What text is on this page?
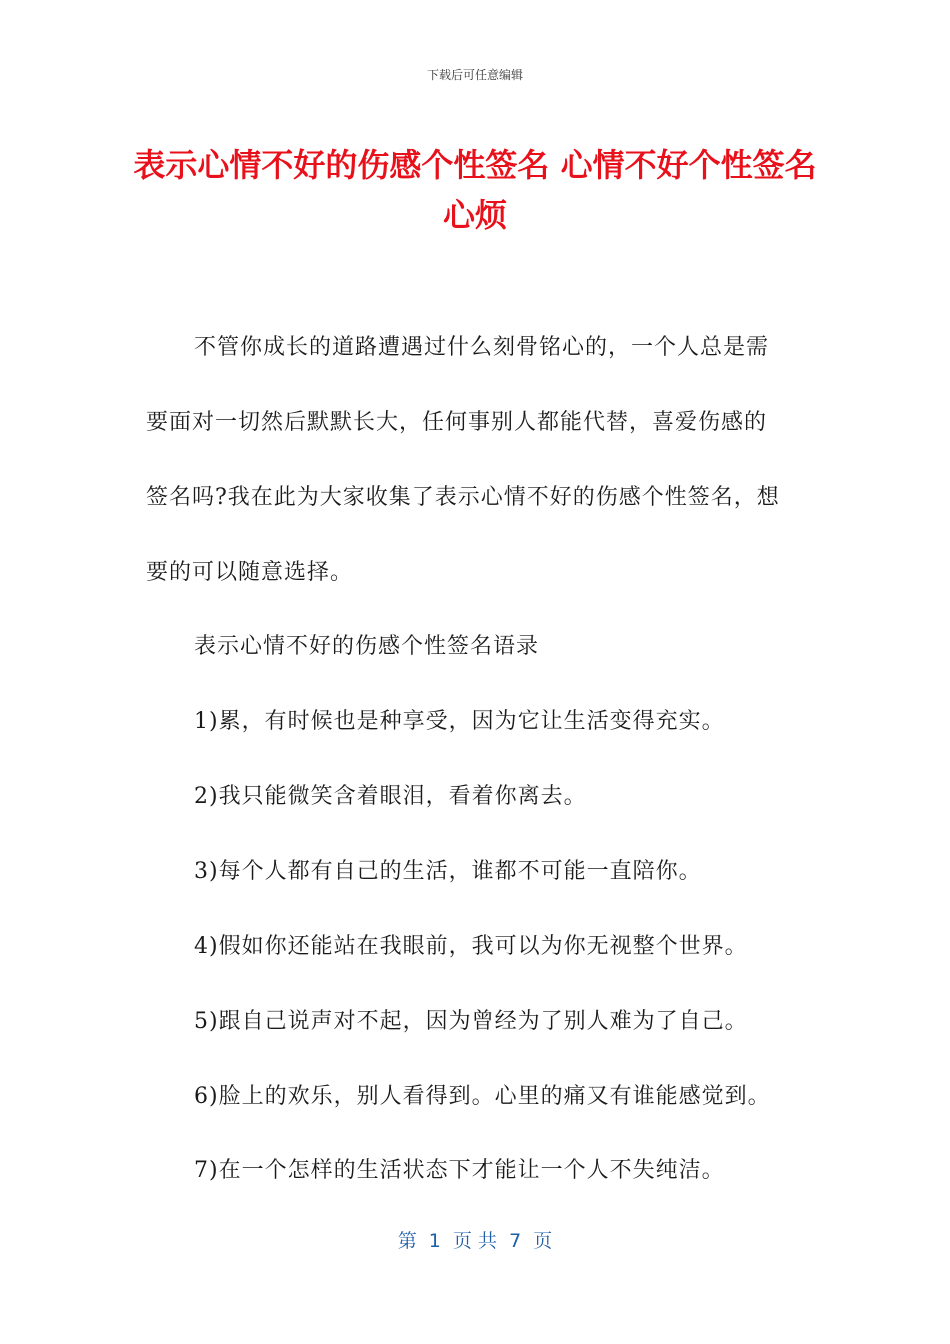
下载后可任意编辑
表示心情不好的伤感个性签名 心情不好个性签名心烦

不管你成长的道路遭遇过什么刻骨铭心的，一个人总是需

要面对一切然后默默长大，任何事别人都能代替，喜爱伤感的

签名吗?我在此为大家收集了表示心情不好的伤感个性签名，想

要的可以随意选择。

表示心情不好的伤感个性签名语录

1)累，有时候也是种享受，因为它让生活变得充实。

2)我只能微笑含着眼泪，看着你离去。

3)每个人都有自己的生活，谁都不可能一直陪你。

4)假如你还能站在我眼前，我可以为你无视整个世界。

5)跟自己说声对不起，因为曾经为了别人难为了自己。

6)脸上的欢乐，别人看得到。心里的痛又有谁能感觉到。

7)在一个怎样的生活状态下才能让一个人不失纯洁。

第  1  页 共  7  页
